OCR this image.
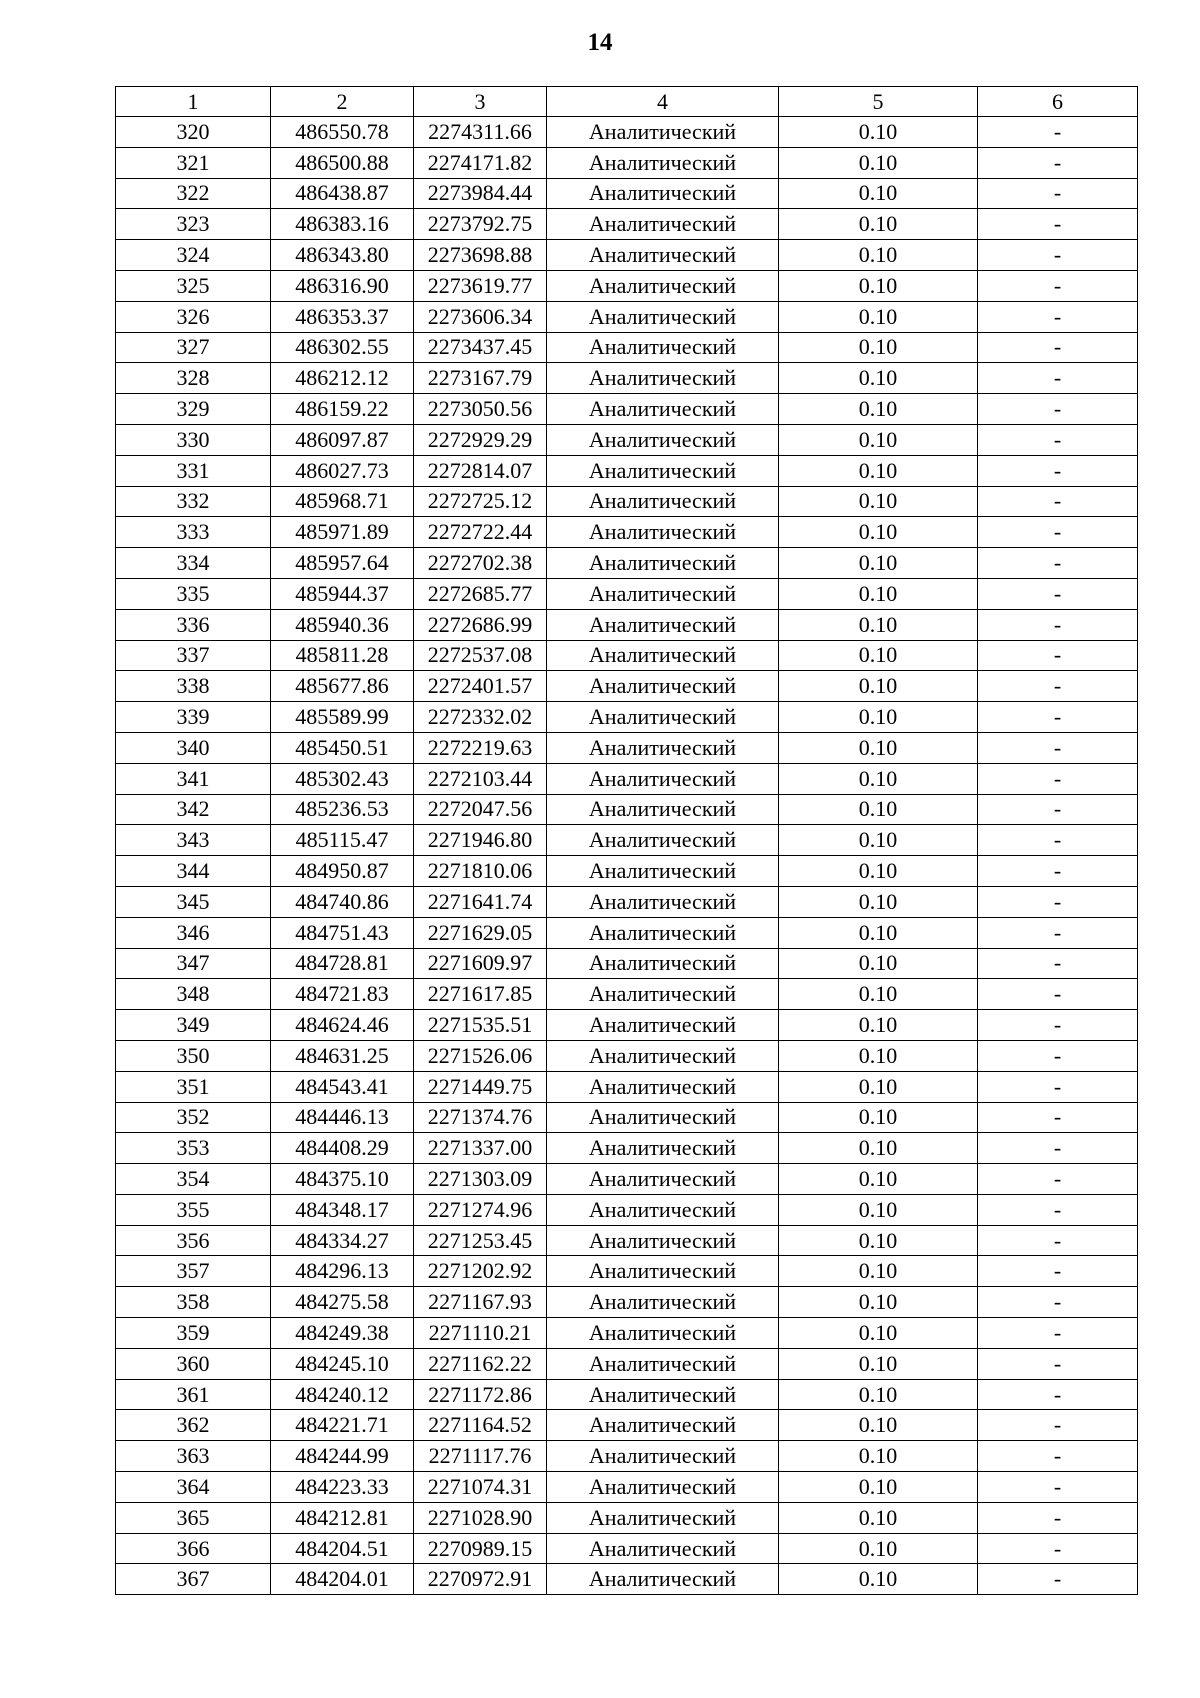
14
1	2	3	4	5	6
320	486550.78	2274311.66	Аналитический	0.10	-
321	486500.88	2274171.82	Аналитический	0.10	-
322	486438.87	2273984.44	Аналитический	0.10	-
323	486383.16	2273792.75	Аналитический	0.10	-
324	486343.80	2273698.88	Аналитический	0.10	-
325	486316.90	2273619.77	Аналитический	0.10	-
326	486353.37	2273606.34	Аналитический	0.10	-
327	486302.55	2273437.45	Аналитический	0.10	-
328	486212.12	2273167.79	Аналитический	0.10	-
329	486159.22	2273050.56	Аналитический	0.10	-
330	486097.87	2272929.29	Аналитический	0.10	-
331	486027.73	2272814.07	Аналитический	0.10	-
332	485968.71	2272725.12	Аналитический	0.10	-
333	485971.89	2272722.44	Аналитический	0.10	-
334	485957.64	2272702.38	Аналитический	0.10	-
335	485944.37	2272685.77	Аналитический	0.10	-
336	485940.36	2272686.99	Аналитический	0.10	-
337	485811.28	2272537.08	Аналитический	0.10	-
338	485677.86	2272401.57	Аналитический	0.10	-
339	485589.99	2272332.02	Аналитический	0.10	-
340	485450.51	2272219.63	Аналитический	0.10	-
341	485302.43	2272103.44	Аналитический	0.10	-
342	485236.53	2272047.56	Аналитический	0.10	-
343	485115.47	2271946.80	Аналитический	0.10	-
344	484950.87	2271810.06	Аналитический	0.10	-
345	484740.86	2271641.74	Аналитический	0.10	-
346	484751.43	2271629.05	Аналитический	0.10	-
347	484728.81	2271609.97	Аналитический	0.10	-
348	484721.83	2271617.85	Аналитический	0.10	-
349	484624.46	2271535.51	Аналитический	0.10	-
350	484631.25	2271526.06	Аналитический	0.10	-
351	484543.41	2271449.75	Аналитический	0.10	-
352	484446.13	2271374.76	Аналитический	0.10	-
353	484408.29	2271337.00	Аналитический	0.10	-
354	484375.10	2271303.09	Аналитический	0.10	-
355	484348.17	2271274.96	Аналитический	0.10	-
356	484334.27	2271253.45	Аналитический	0.10	-
357	484296.13	2271202.92	Аналитический	0.10	-
358	484275.58	2271167.93	Аналитический	0.10	-
359	484249.38	2271110.21	Аналитический	0.10	-
360	484245.10	2271162.22	Аналитический	0.10	-
361	484240.12	2271172.86	Аналитический	0.10	-
362	484221.71	2271164.52	Аналитический	0.10	-
363	484244.99	2271117.76	Аналитический	0.10	-
364	484223.33	2271074.31	Аналитический	0.10	-
365	484212.81	2271028.90	Аналитический	0.10	-
366	484204.51	2270989.15	Аналитический	0.10	-
367	484204.01	2270972.91	Аналитический	0.10	-
